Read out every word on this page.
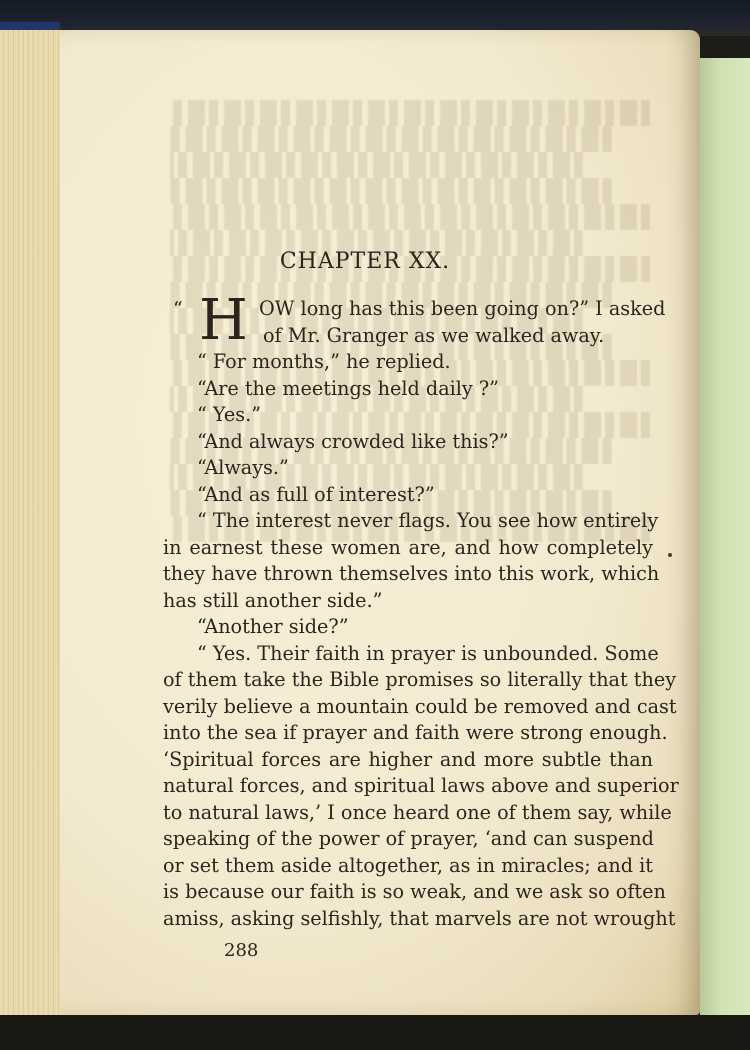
CHAPTER XX.
“ H OW long has this been going on?” I asked
of Mr. Granger as we walked away.
“ For months,” he replied.
“Are the meetings held daily ?”
“ Yes.”
“And always crowded like this?”
“Always.”
“And as full of interest?”
“ The interest never flags. You see how entirely
in earnest these women are, and how completely
they have thrown themselves into this work, which
has still another side.”
“Another side?”
“ Yes. Their faith in prayer is unbounded. Some
of them take the Bible promises so literally that they
verily believe a mountain could be removed and cast
into the sea if prayer and faith were strong enough.
‘Spiritual forces are higher and more subtle than
natural forces, and spiritual laws above and superior
to natural laws,’ I once heard one of them say, while
speaking of the power of prayer, ‘and can suspend
or set them aside altogether, as in miracles; and it
is because our faith is so weak, and we ask so often
amiss, asking selfishly, that marvels are not wrought
288
